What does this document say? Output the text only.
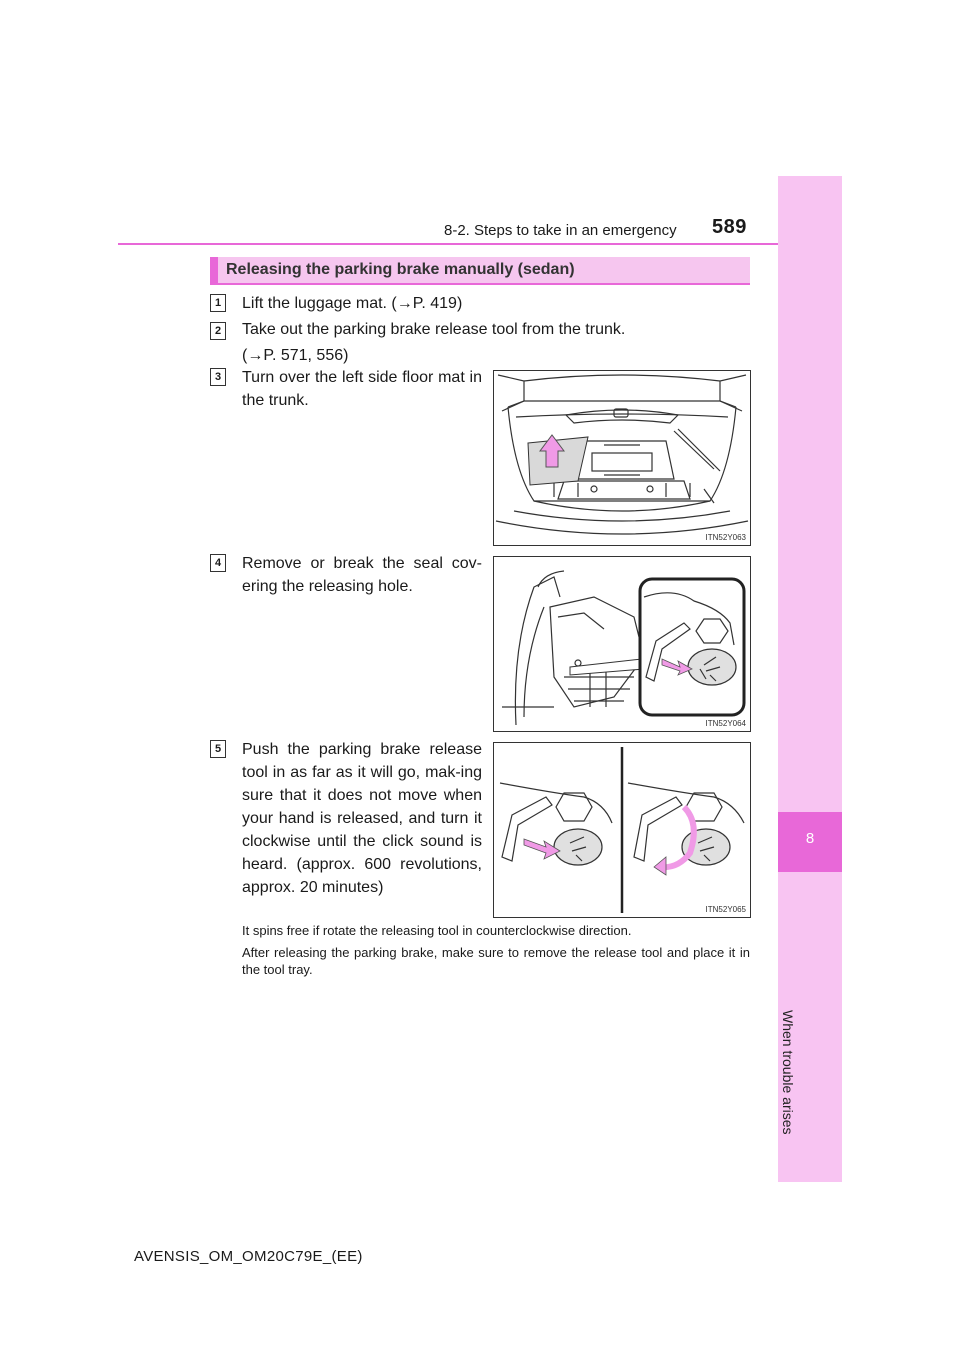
8-2. Steps to take in an emergency 589
8
When trouble arises
Releasing the parking brake manually (sedan)
1	Lift the luggage mat. (→P. 419)
2	Take out the parking brake release tool from the trunk.
(→P. 571, 556)
3	Turn over the left side floor mat in the trunk.
ITN52Y063
4	Remove or break the seal cov-ering the releasing hole.
ITN52Y064
5	Push the parking brake release tool in as far as it will go, mak-ing sure that it does not move when your hand is released, and turn it clockwise until the click sound is heard. (approx. 600 revolutions, approx. 20 minutes)
ITN52Y065
It spins free if rotate the releasing tool in counterclockwise direction.
After releasing the parking brake, make sure to remove the release tool and place it in the tool tray.
AVENSIS_OM_OM20C79E_(EE)
